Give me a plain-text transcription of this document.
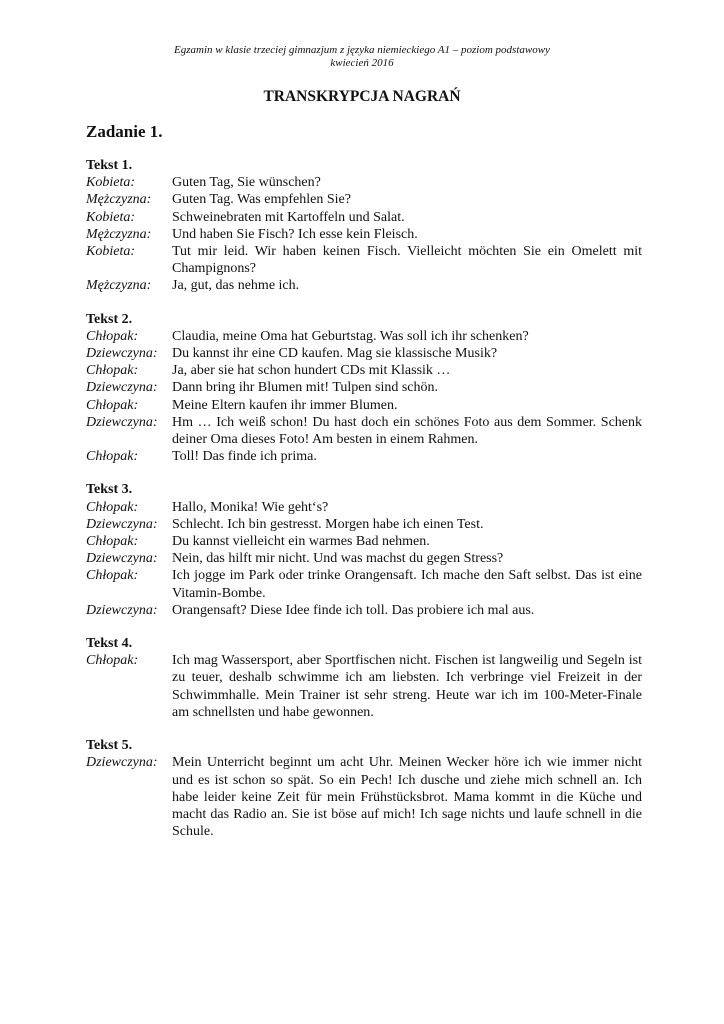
Egzamin w klasie trzeciej gimnazjum z języka niemieckiego A1 – poziom podstawowy
kwiecień 2016
TRANSKRYPCJA NAGRAŃ
Zadanie 1.
Tekst 1.
Kobieta:	Guten Tag, Sie wünschen?
Mężczyzna:	Guten Tag. Was empfehlen Sie?
Kobieta:	Schweinebraten mit Kartoffeln und Salat.
Mężczyzna:	Und haben Sie Fisch? Ich esse kein Fleisch.
Kobieta:	Tut mir leid. Wir haben keinen Fisch. Vielleicht möchten Sie ein Omelett mit Champignons?
Mężczyzna:	Ja, gut, das nehme ich.
Tekst 2.
Chłopak:	Claudia, meine Oma hat Geburtstag. Was soll ich ihr schenken?
Dziewczyna:	Du kannst ihr eine CD kaufen. Mag sie klassische Musik?
Chłopak:	Ja, aber sie hat schon hundert CDs mit Klassik …
Dziewczyna:	Dann bring ihr Blumen mit! Tulpen sind schön.
Chłopak:	Meine Eltern kaufen ihr immer Blumen.
Dziewczyna:	Hm … Ich weiß schon! Du hast doch ein schönes Foto aus dem Sommer. Schenk deiner Oma dieses Foto! Am besten in einem Rahmen.
Chłopak:	Toll! Das finde ich prima.
Tekst 3.
Chłopak:	Hallo, Monika! Wie geht‘s?
Dziewczyna:	Schlecht. Ich bin gestresst. Morgen habe ich einen Test.
Chłopak:	Du kannst vielleicht ein warmes Bad nehmen.
Dziewczyna:	Nein, das hilft mir nicht. Und was machst du gegen Stress?
Chłopak:	Ich jogge im Park oder trinke Orangensaft. Ich mache den Saft selbst. Das ist eine Vitamin-Bombe.
Dziewczyna:	Orangensaft? Diese Idee finde ich toll. Das probiere ich mal aus.
Tekst 4.
Chłopak:	Ich mag Wassersport, aber Sportfischen nicht. Fischen ist langweilig und Segeln ist zu teuer, deshalb schwimme ich am liebsten. Ich verbringe viel Freizeit in der Schwimmhalle. Mein Trainer ist sehr streng. Heute war ich im 100-Meter-Finale am schnellsten und habe gewonnen.
Tekst 5.
Dziewczyna:	Mein Unterricht beginnt um acht Uhr. Meinen Wecker höre ich wie immer nicht und es ist schon so spät. So ein Pech! Ich dusche und ziehe mich schnell an. Ich habe leider keine Zeit für mein Frühstücksbrot. Mama kommt in die Küche und macht das Radio an. Sie ist böse auf mich! Ich sage nichts und laufe schnell in die Schule.
